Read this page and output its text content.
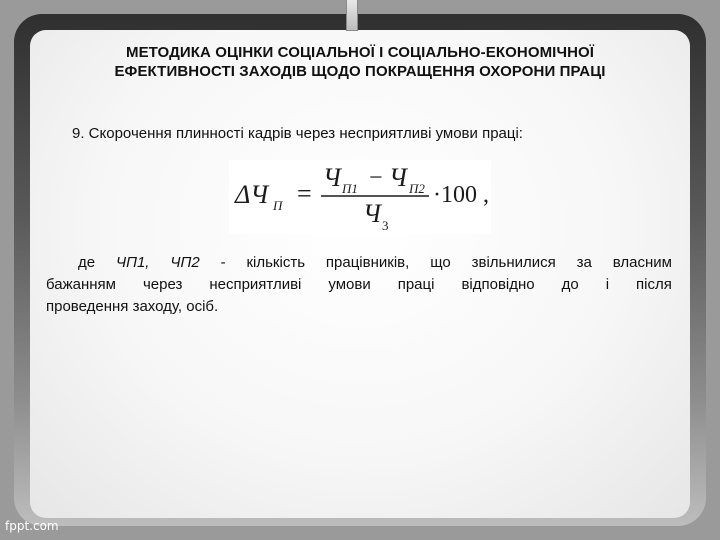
МЕТОДИКА ОЦІНКИ СОЦІАЛЬНОЇ І СОЦІАЛЬНО-ЕКОНОМІЧНОЇ
ЕФЕКТИВНОСТІ ЗАХОДІВ ЩОДО ПОКРАЩЕННЯ ОХОРОНИ ПРАЦІ
9. Скорочення плинності кадрів через несприятливі умови праці:
ΔЧ П =
Ч П1 − Ч П2
Ч 3
·100 ,
де ЧП1, ЧП2 - кількість працівників, що звільнилися за власним
бажанням через несприятливі умови праці відповідно до і після
проведення заходу, осіб.
fppt.com
